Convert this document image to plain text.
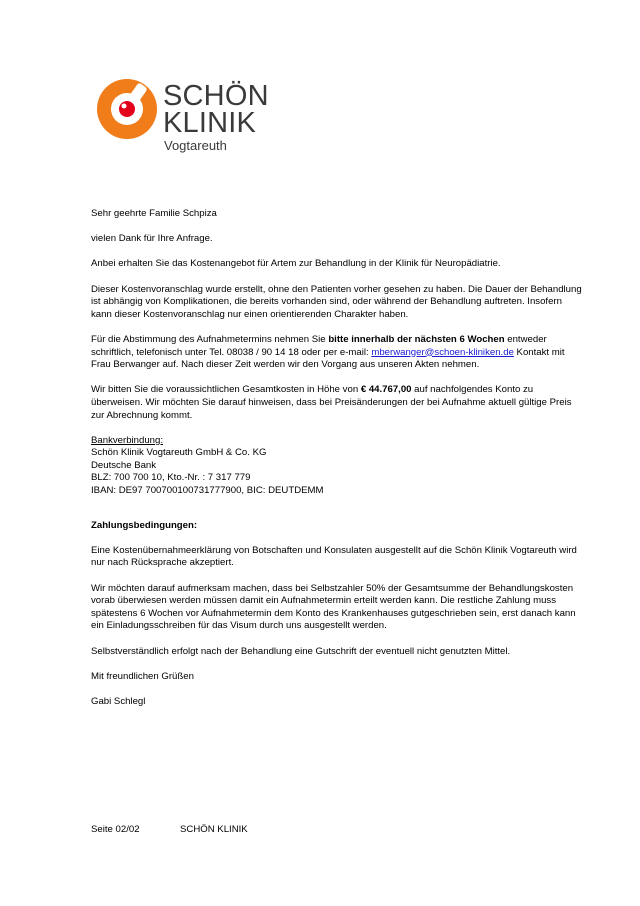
SCHÖN
KLINIK
Vogtareuth

Sehr geehrte Familie Schpiza

vielen Dank für Ihre Anfrage.

Anbei erhalten Sie das Kostenangebot für Artem zur Behandlung in der Klinik für Neuropädiatrie.

Dieser Kostenvoranschlag wurde erstellt, ohne den Patienten vorher gesehen zu haben. Die Dauer der Behandlung ist abhängig von Komplikationen, die bereits vorhanden sind, oder während der Behandlung auftreten. Insofern kann dieser Kostenvoranschlag nur einen orientierenden Charakter haben.

Für die Abstimmung des Aufnahmetermins nehmen Sie bitte innerhalb der nächsten 6 Wochen entweder schriftlich, telefonisch unter Tel. 08038 / 90 14 18 oder per e-mail: mberwanger@schoen-kliniken.de Kontakt mit Frau Berwanger auf. Nach dieser Zeit werden wir den Vorgang aus unseren Akten nehmen.

Wir bitten Sie die voraussichtlichen Gesamtkosten in Höhe von € 44.767,00 auf nachfolgendes Konto zu überweisen. Wir möchten Sie darauf hinweisen, dass bei Preisänderungen der bei Aufnahme aktuell gültige Preis zur Abrechnung kommt.

Bankverbindung:
Schön Klinik Vogtareuth GmbH & Co. KG
Deutsche Bank
BLZ: 700 700 10, Kto.-Nr. : 7 317 779
IBAN: DE97 700700100731777900, BIC: DEUTDEMM

Zahlungsbedingungen:

Eine Kostenübernahmeerklärung von Botschaften und Konsulaten ausgestellt auf die Schön Klinik Vogtareuth wird nur nach Rücksprache akzeptiert.

Wir möchten darauf aufmerksam machen, dass bei Selbstzahler 50% der Gesamtsumme der Behandlungskosten vorab überwiesen werden müssen damit ein Aufnahmetermin erteilt werden kann. Die restliche Zahlung muss spätestens 6 Wochen vor Aufnahmetermin dem Konto des Krankenhauses gutgeschrieben sein, erst danach kann ein Einladungsschreiben für das Visum durch uns ausgestellt werden.

Selbstverständlich erfolgt nach der Behandlung eine Gutschrift der eventuell nicht genutzten Mittel.

Mit freundlichen Grüßen

Gabi Schlegl

Seite 02/02	SCHÖN KLINIK
